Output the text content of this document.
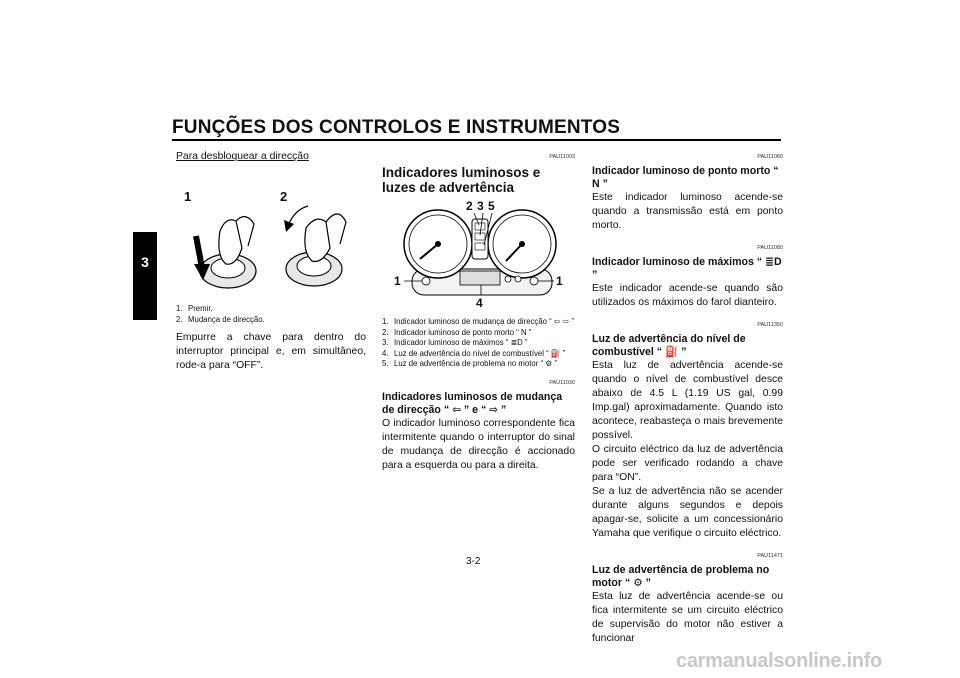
FUNÇÕES DOS CONTROLOS E INSTRUMENTOS
3
Para desbloquear a direcção
1	2
1. Premir.
2. Mudança de direcção.
Empurre a chave para dentro do interruptor principal e, em simultâneo, rode-a para “OFF”.
PAU11003
Indicadores luminosos e luzes de advertência
2 3 5
1	1
4
1. Indicador luminoso de mudança de direcção “ ⇦ ⇨ ”
2. Indicador luminoso de ponto morto “ N ”
3. Indicador luminoso de máximos “ ≣D ”
4. Luz de advertência do nível de combustível “ ⛽ ”
5. Luz de advertência de problema no motor “ ⚙ ”
PAU11030
Indicadores luminosos de mudança de direcção “ ⇦ ” e “ ⇨ ”
O indicador luminoso correspondente fica intermitente quando o interruptor do sinal de mudança de direcção é accionado para a esquerda ou para a direita.
PAU11060
Indicador luminoso de ponto morto “ N ”
Este indicador luminoso acende-se quando a transmissão está em ponto morto.
PAU11080
Indicador luminoso de máximos “ ≣D ”
Este indicador acende-se quando são utilizados os máximos do farol dianteiro.
PAU11350
Luz de advertência do nível de combustível “ ⛽ ”
Esta luz de advertência acende-se quando o nível de combustível desce abaixo de 4.5 L (1.19 US gal, 0.99 Imp.gal) aproximadamente. Quando isto acontece, reabasteça o mais brevemente possível.
O circuito eléctrico da luz de advertência pode ser verificado rodando a chave para “ON”.
Se a luz de advertência não se acender durante alguns segundos e depois apagar-se, solicite a um concessionário Yamaha que verifique o circuito eléctrico.
PAU11471
Luz de advertência de problema no motor “ ⚙ ”
Esta luz de advertência acende-se ou fica intermitente se um circuito eléctrico de supervisão do motor não estiver a funcionar
3-2
carmanualsonline.info
